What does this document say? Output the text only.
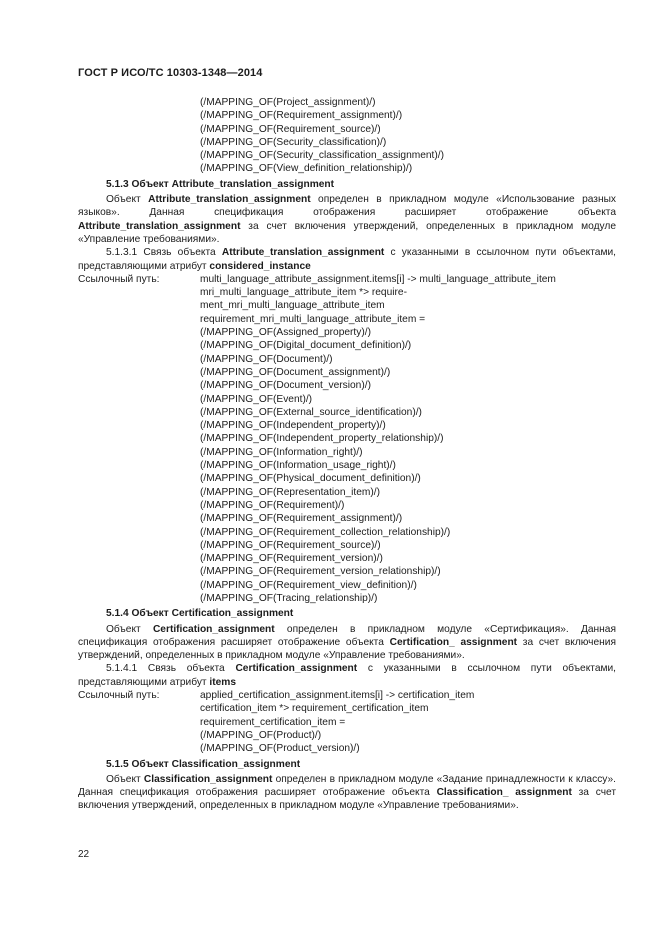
ГОСТ Р ИСО/ТС 10303-1348—2014
(/MAPPING_OF(Project_assignment)/)
(/MAPPING_OF(Requirement_assignment)/)
(/MAPPING_OF(Requirement_source)/)
(/MAPPING_OF(Security_classification)/)
(/MAPPING_OF(Security_classification_assignment)/)
(/MAPPING_OF(View_definition_relationship)/)
5.1.3 Объект Attribute_translation_assignment
Объект Attribute_translation_assignment определен в прикладном модуле «Использование разных языков». Данная спецификация отображения расширяет отображение объекта Attribute_translation_assignment за счет включения утверждений, определенных в прикладном модуле «Управление требованиями».
5.1.3.1 Связь объекта Attribute_translation_assignment с указанными в ссылочном пути объектами, представляющими атрибут considered_instance
Ссылочный путь:	multi_language_attribute_assignment.items[i] -> multi_language_attribute_item
mri_multi_language_attribute_item *> require-
ment_mri_multi_language_attribute_item
requirement_mri_multi_language_attribute_item =
(/MAPPING_OF(Assigned_property)/)
(/MAPPING_OF(Digital_document_definition)/)
(/MAPPING_OF(Document)/)
(/MAPPING_OF(Document_assignment)/)
(/MAPPING_OF(Document_version)/)
(/MAPPING_OF(Event)/)
(/MAPPING_OF(External_source_identification)/)
(/MAPPING_OF(Independent_property)/)
(/MAPPING_OF(Independent_property_relationship)/)
(/MAPPING_OF(Information_right)/)
(/MAPPING_OF(Information_usage_right)/)
(/MAPPING_OF(Physical_document_definition)/)
(/MAPPING_OF(Representation_item)/)
(/MAPPING_OF(Requirement)/)
(/MAPPING_OF(Requirement_assignment)/)
(/MAPPING_OF(Requirement_collection_relationship)/)
(/MAPPING_OF(Requirement_source)/)
(/MAPPING_OF(Requirement_version)/)
(/MAPPING_OF(Requirement_version_relationship)/)
(/MAPPING_OF(Requirement_view_definition)/)
(/MAPPING_OF(Tracing_relationship)/)
5.1.4 Объект Certification_assignment
Объект Certification_assignment определен в прикладном модуле «Сертификация». Данная спецификация отображения расширяет отображение объекта Certification_ assignment за счет включения утверждений, определенных в прикладном модуле «Управление требованиями».
5.1.4.1 Связь объекта Certification_assignment с указанными в ссылочном пути объектами, представляющими атрибут items
Ссылочный путь:	applied_certification_assignment.items[i] -> certification_item
certification_item *> requirement_certification_item
requirement_certification_item =
(/MAPPING_OF(Product)/)
(/MAPPING_OF(Product_version)/)
5.1.5 Объект Classification_assignment
Объект Classification_assignment определен в прикладном модуле «Задание принадлежности к классу». Данная спецификация отображения расширяет отображение объекта Classification_ assignment за счет включения утверждений, определенных в прикладном модуле «Управление требованиями».
22
